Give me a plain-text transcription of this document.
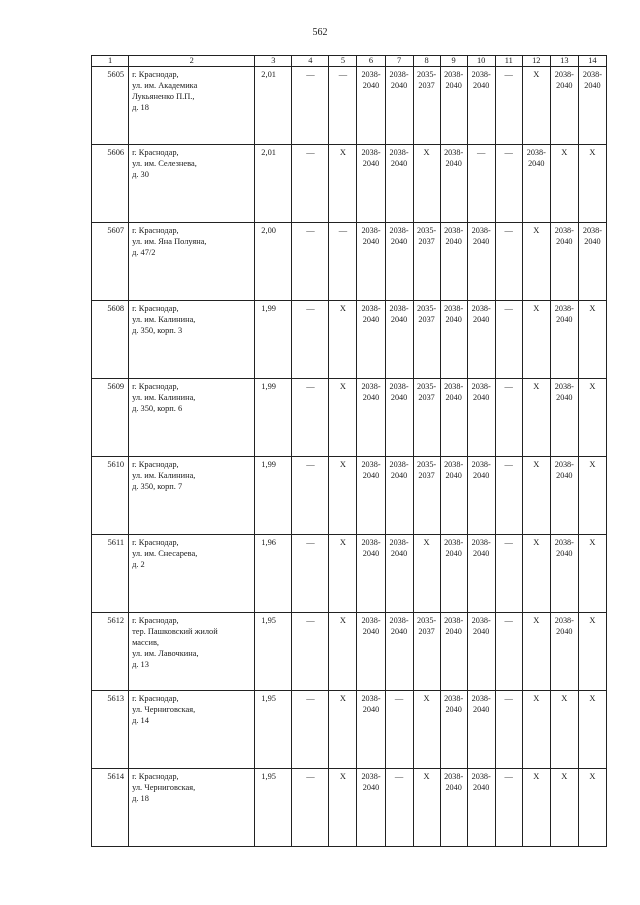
562
1	2	3	4	5	6	7	8	9	10	11	12	13	14
5605	г. Краснодар,
ул. им. Академика
Лукьяненко П.П.,
д. 18	2,01	—	—	2038-2040	2038-2040	2035-2037	2038-2040	2038-2040	—	X	2038-2040	2038-2040
5606	г. Краснодар,
ул. им. Селезнева,
д. 30	2,01	—	X	2038-2040	2038-2040	X	2038-2040	—	—	2038-2040	X	X
5607	г. Краснодар,
ул. им. Яна Полуяна,
д. 47/2	2,00	—	—	2038-2040	2038-2040	2035-2037	2038-2040	2038-2040	—	X	2038-2040	2038-2040
5608	г. Краснодар,
ул. им. Калинина,
д. 350, корп. 3	1,99	—	X	2038-2040	2038-2040	2035-2037	2038-2040	2038-2040	—	X	2038-2040	X
5609	г. Краснодар,
ул. им. Калинина,
д. 350, корп. 6	1,99	—	X	2038-2040	2038-2040	2035-2037	2038-2040	2038-2040	—	X	2038-2040	X
5610	г. Краснодар,
ул. им. Калинина,
д. 350, корп. 7	1,99	—	X	2038-2040	2038-2040	2035-2037	2038-2040	2038-2040	—	X	2038-2040	X
5611	г. Краснодар,
ул. им. Снесарева,
д. 2	1,96	—	X	2038-2040	2038-2040	X	2038-2040	2038-2040	—	X	2038-2040	X
5612	г. Краснодар,
тер. Пашковский жилой
массив,
ул. им. Лавочкина,
д. 13	1,95	—	X	2038-2040	2038-2040	2035-2037	2038-2040	2038-2040	—	X	2038-2040	X
5613	г. Краснодар,
ул. Черниговская,
д. 14	1,95	—	X	2038-2040	—	X	2038-2040	2038-2040	—	X	X	X
5614	г. Краснодар,
ул. Черниговская,
д. 18	1,95	—	X	2038-2040	—	X	2038-2040	2038-2040	—	X	X	X
